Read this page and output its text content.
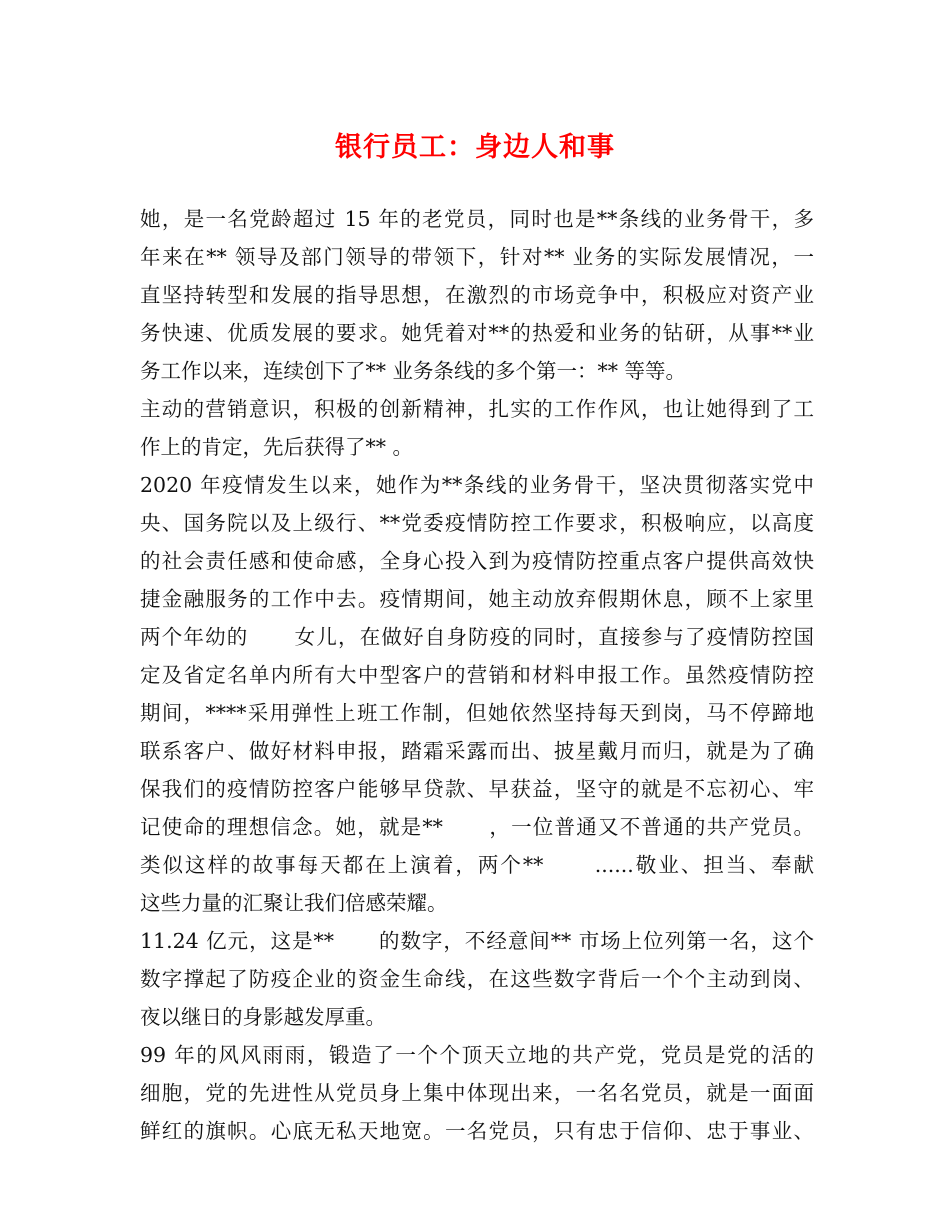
银行员工：身边人和事
她，是一名党龄超过 15 年的老党员，同时也是**条线的业务骨干，多
年来在** 领导及部门领导的带领下，针对** 业务的实际发展情况，一
直坚持转型和发展的指导思想，在激烈的市场竞争中，积极应对资产业
务快速、优质发展的要求。她凭着对**的热爱和业务的钻研，从事**业
务工作以来，连续创下了** 业务条线的多个第一：** 等等。
主动的营销意识，积极的创新精神，扎实的工作作风，也让她得到了工
作上的肯定，先后获得了** 。
2020 年疫情发生以来，她作为**条线的业务骨干，坚决贯彻落实党中
央、国务院以及上级行、**党委疫情防控工作要求，积极响应，以高度
的社会责任感和使命感，全身心投入到为疫情防控重点客户提供高效快
捷金融服务的工作中去。疫情期间，她主动放弃假期休息，顾不上家里
两个年幼的      女儿，在做好自身防疫的同时，直接参与了疫情防控国
定及省定名单内所有大中型客户的营销和材料申报工作。虽然疫情防控
期间，****采用弹性上班工作制，但她依然坚持每天到岗，马不停蹄地
联系客户、做好材料申报，踏霜采露而出、披星戴月而归，就是为了确
保我们的疫情防控客户能够早贷款、早获益，坚守的就是不忘初心、牢
记使命的理想信念。她，就是**      ，一位普通又不普通的共产党员。
类似这样的故事每天都在上演着，两个**      ......敬业、担当、奉献
这些力量的汇聚让我们倍感荣耀。
11.24 亿元，这是**      的数字，不经意间** 市场上位列第一名，这个
数字撑起了防疫企业的资金生命线，在这些数字背后一个个主动到岗、
夜以继日的身影越发厚重。
99 年的风风雨雨，锻造了一个个顶天立地的共产党，党员是党的活的
细胞，党的先进性从党员身上集中体现出来，一名名党员，就是一面面
鲜红的旗帜。心底无私天地宽。一名党员，只有忠于信仰、忠于事业、
